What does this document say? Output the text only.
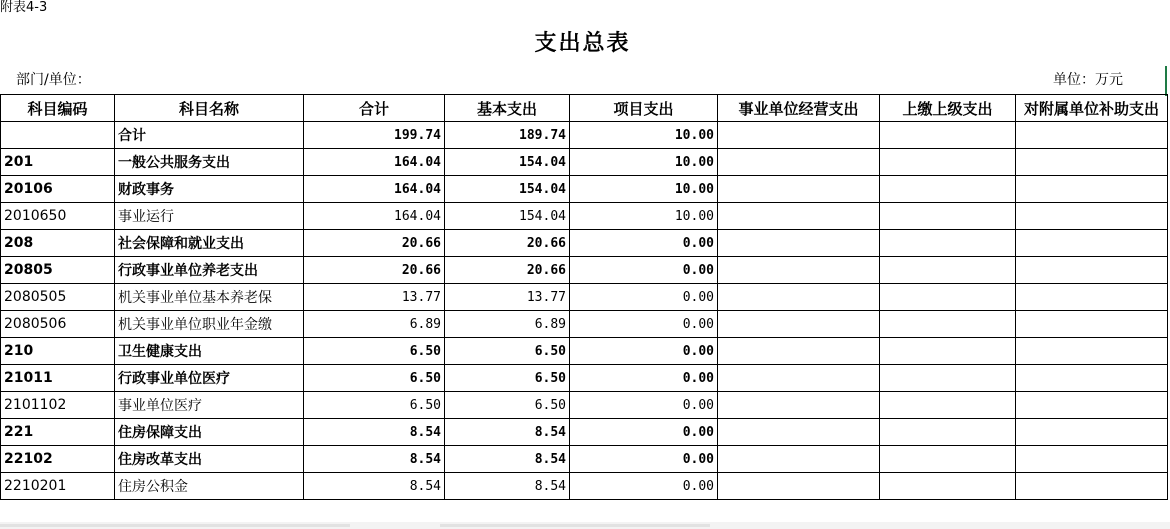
附表4-3
支出总表
部门/单位：	单位：万元
科目编码	科目名称	合计	基本支出	项目支出	事业单位经营支出	上缴上级支出	对附属单位补助支出
	合计	199.74	189.74	10.00			
201	一般公共服务支出	164.04	154.04	10.00			
20106	财政事务	164.04	154.04	10.00			
2010650	事业运行	164.04	154.04	10.00			
208	社会保障和就业支出	20.66	20.66	0.00			
20805	行政事业单位养老支出	20.66	20.66	0.00			
2080505	机关事业单位基本养老保	13.77	13.77	0.00			
2080506	机关事业单位职业年金缴	6.89	6.89	0.00			
210	卫生健康支出	6.50	6.50	0.00			
21011	行政事业单位医疗	6.50	6.50	0.00			
2101102	事业单位医疗	6.50	6.50	0.00			
221	住房保障支出	8.54	8.54	0.00			
22102	住房改革支出	8.54	8.54	0.00			
2210201	住房公积金	8.54	8.54	0.00			
